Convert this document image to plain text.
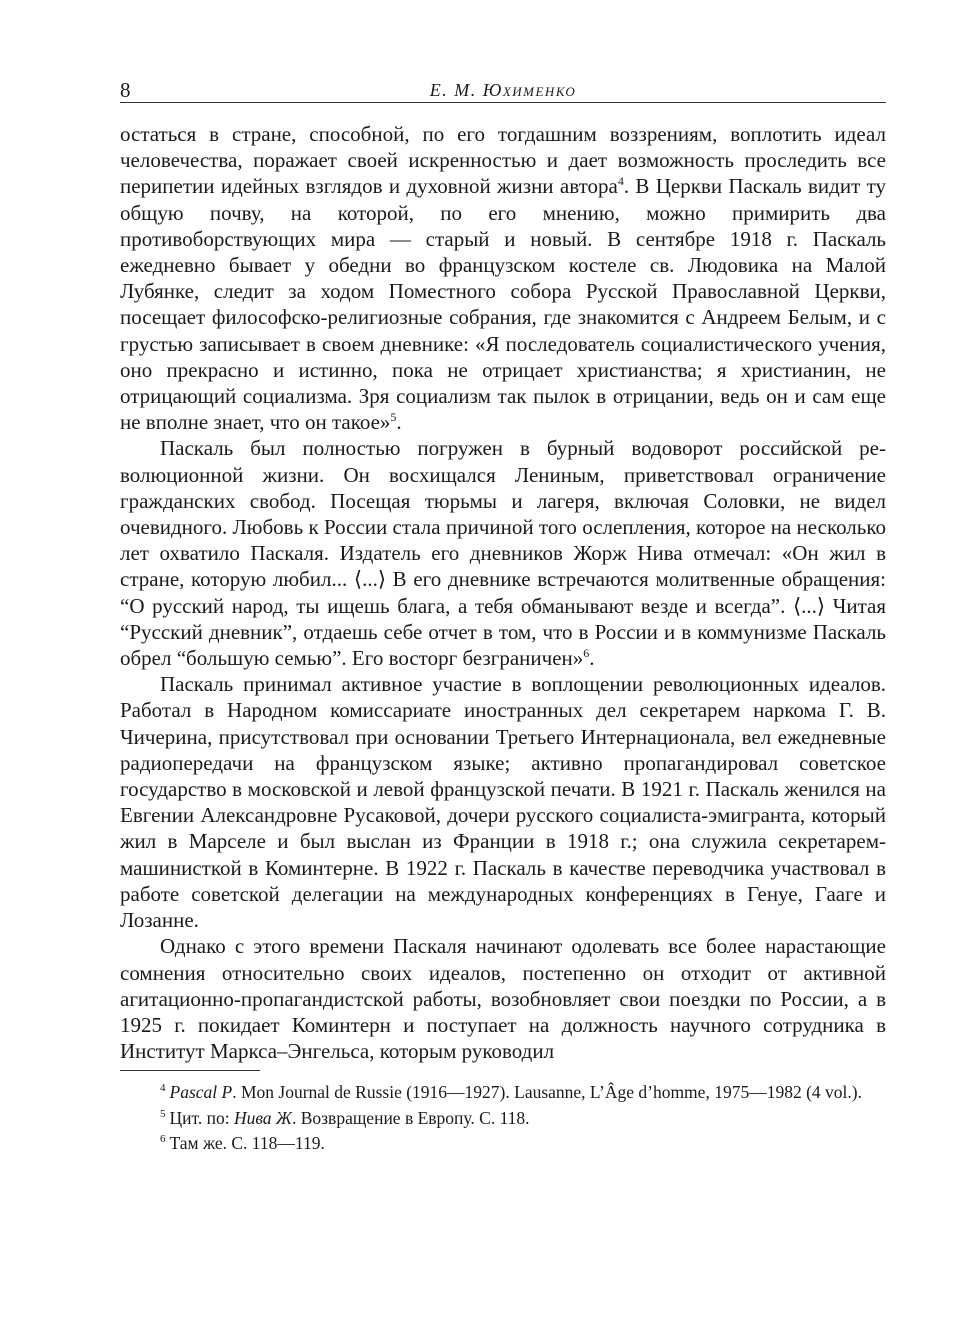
8	Е. М. Юхименко

остаться в стране, способной, по его тогдашним воззрениям, воплотить идеал человечества, поражает своей искренностью и дает возможность проследить все перипетии идейных взглядов и духовной жизни автора$^4$. В Церкви Паскаль видит ту общую почву, на которой, по его мнению, можно примирить два противоборствующих мира — старый и новый. В сентябре 1918 г. Паскаль ежедневно бывает у обедни во французском костеле св. Людовика на Малой Лубянке, следит за ходом Поместного собора Русской Православной Церкви, посещает философско-религиозные собрания, где знакомится с Андреем Белым, и с грустью записывает в своем дневнике: «Я последователь социалистического учения, оно прекрасно и истинно, пока не отрицает христианства; я христианин, не отрицающий социализма. Зря социализм так пылок в отрицании, ведь он и сам еще не вполне знает, что он такое»$^5$.

Паскаль был полностью погружен в бурный водоворот российской революционной жизни. Он восхищался Лениным, приветствовал ограничение гражданских свобод. Посещая тюрьмы и лагеря, включая Соловки, не видел очевидного. Любовь к России стала причиной того ослепления, которое на несколько лет охватило Паскаля. Издатель его дневников Жорж Нива отмечал: «Он жил в стране, которую любил... ⟨...⟩ В его дневнике встречаются молитвенные обращения: “О русский народ, ты ищешь блага, а тебя обманывают везде и всегда”. ⟨...⟩ Читая “Русский дневник”, отдаешь себе отчет в том, что в России и в коммунизме Паскаль обрел “большую семью”. Его восторг безграничен»$^6$.

Паскаль принимал активное участие в воплощении революционных идеалов. Работал в Народном комиссариате иностранных дел секретарем наркома Г. В. Чичерина, присутствовал при основании Третьего Интернационала, вел ежедневные радиопередачи на французском языке; активно пропагандировал советское государство в московской и левой французской печати. В 1921 г. Паскаль женился на Евгении Александровне Русаковой, дочери русского социалиста-эмигранта, который жил в Марселе и был выслан из Франции в 1918 г.; она служила секретарем-машинисткой в Коминтерне. В 1922 г. Паскаль в качестве переводчика участвовал в работе советской делегации на международных конференциях в Генуе, Гааге и Лозанне.

Однако с этого времени Паскаля начинают одолевать все более нарастающие сомнения относительно своих идеалов, постепенно он отходит от активной агитационно-пропагандистской работы, возобновляет свои поездки по России, а в 1925 г. покидает Коминтерн и поступает на должность научного сотрудника в Институт Маркса–Энгельса, которым руководил

$^4$ Pascal P. Mon Journal de Russie (1916—1927). Lausanne, L’Âge d’homme, 1975—1982 (4 vol.).

$^5$ Цит. по: Нива Ж. Возвращение в Европу. С. 118.

$^6$ Там же. С. 118—119.
